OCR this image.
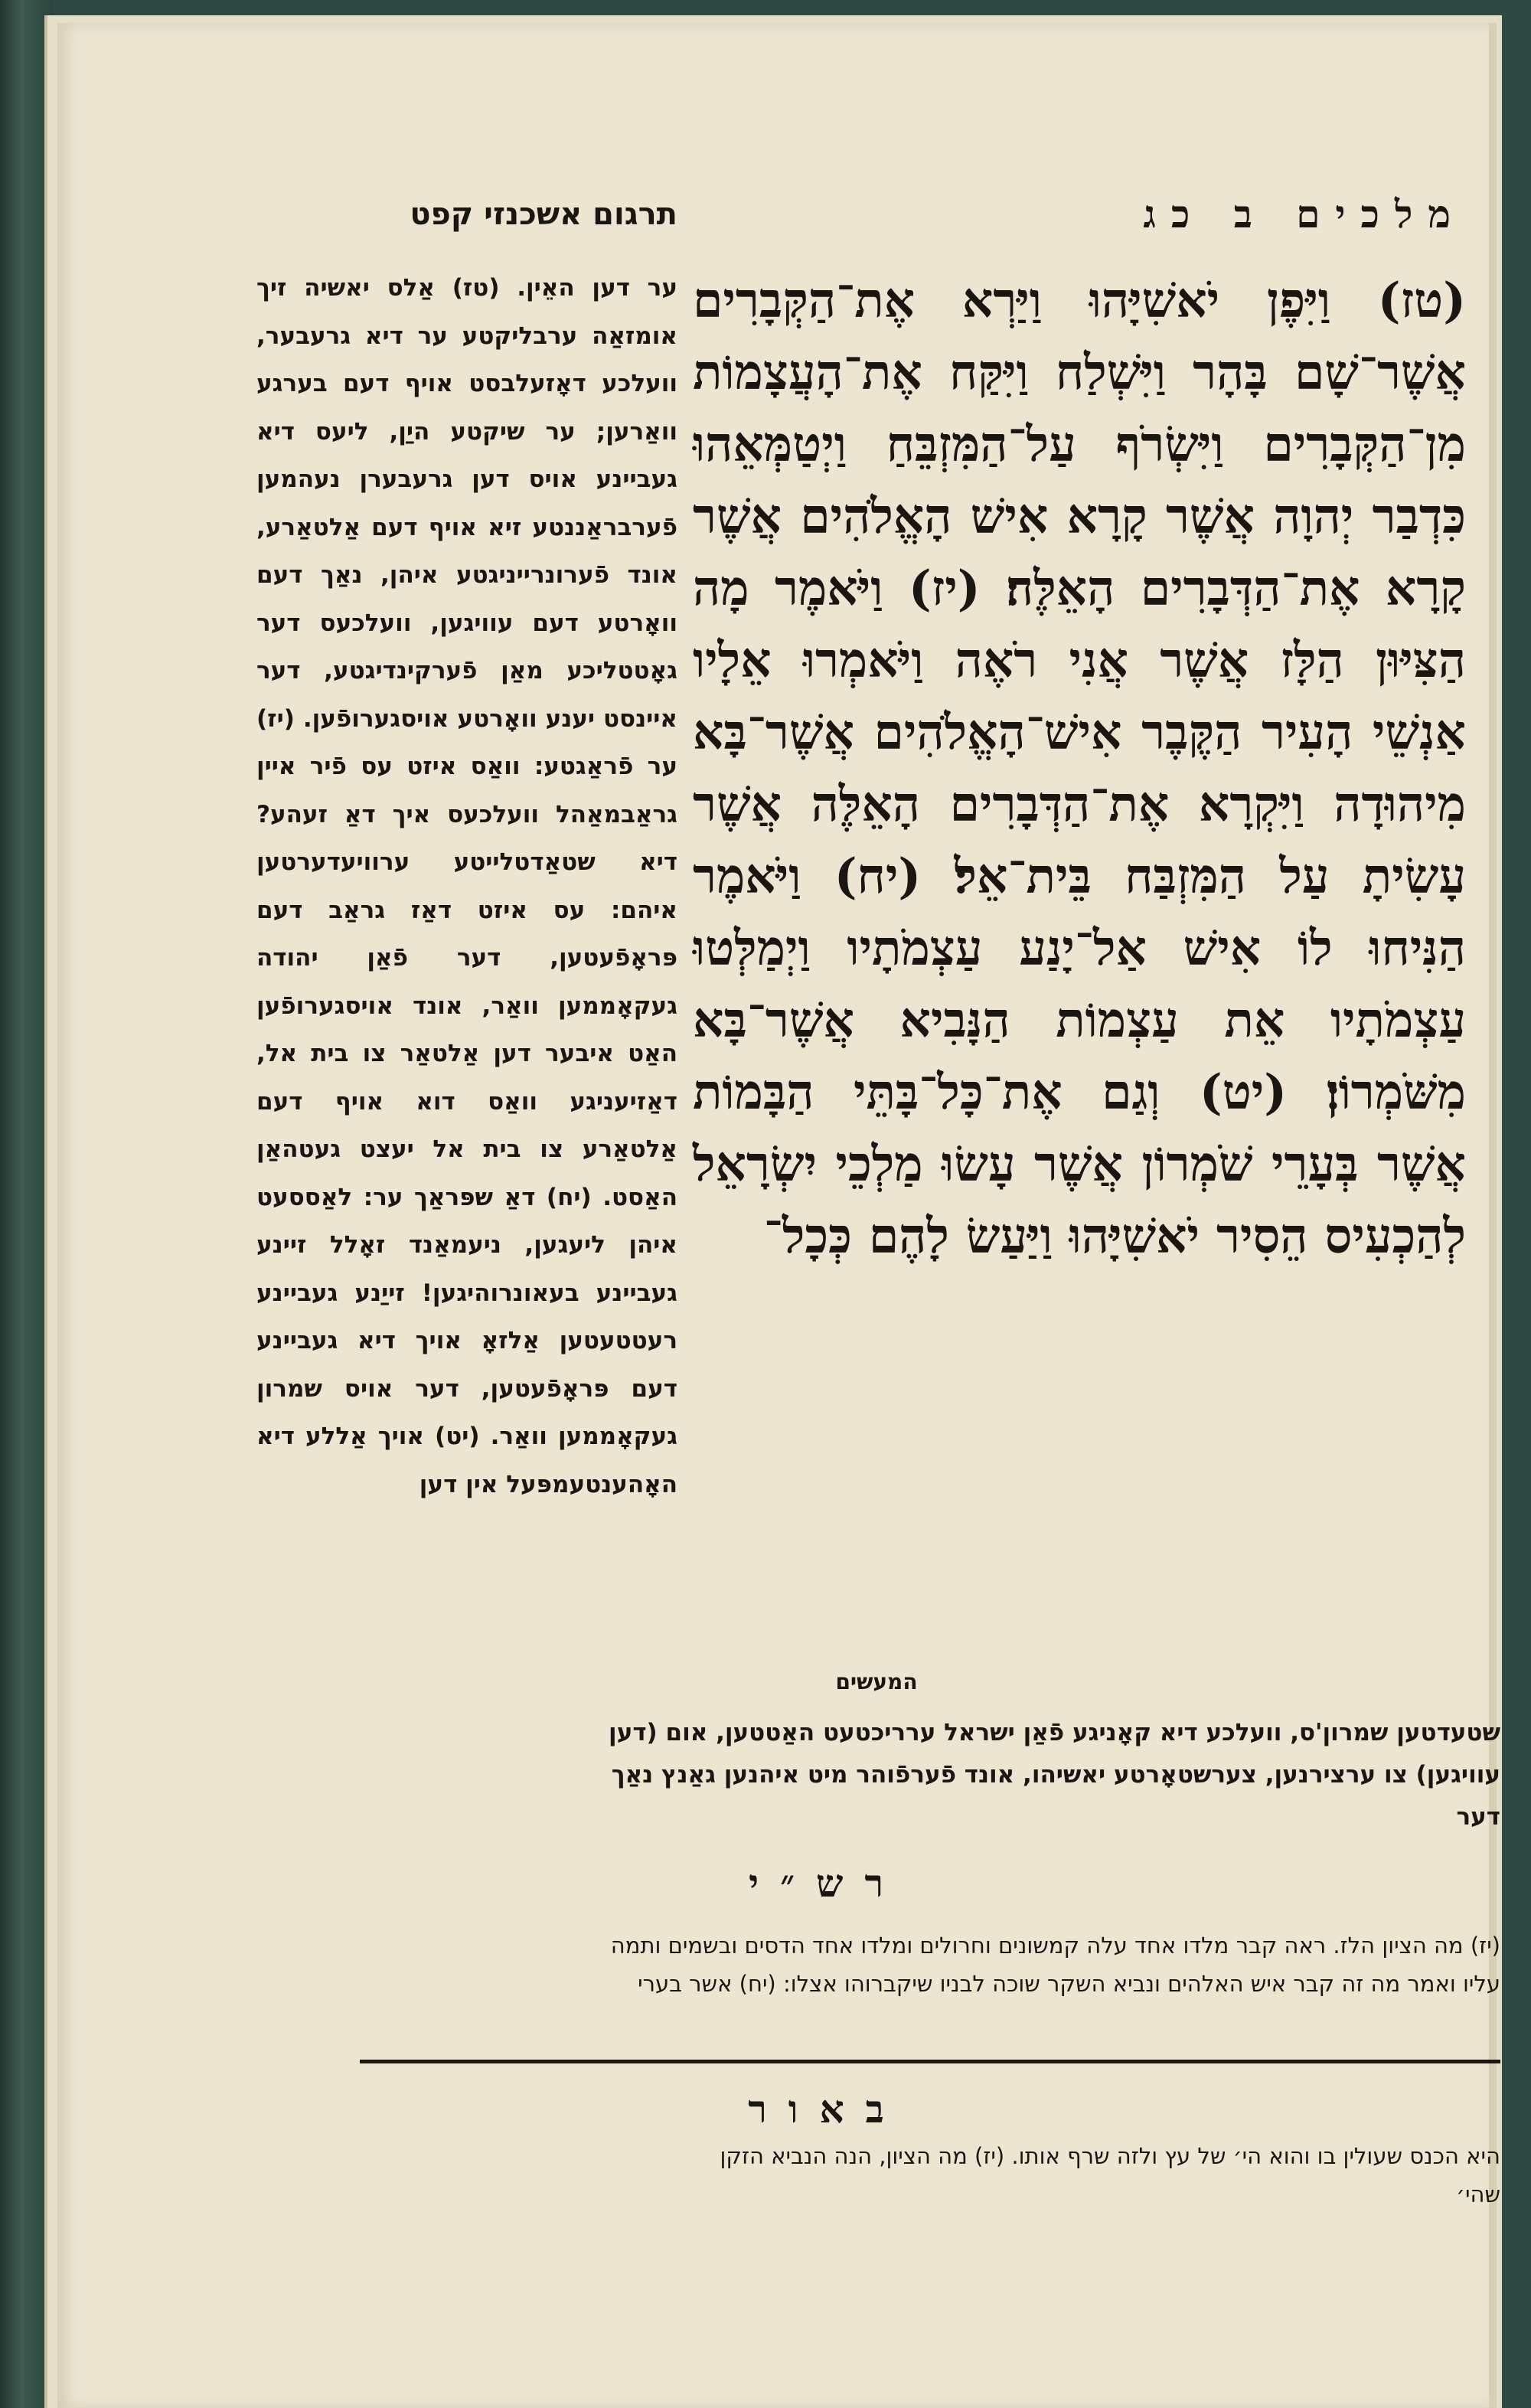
מלכים ב כג
(טז) וַיִּפֶן יֹאשִׁיָּהוּ וַיַּרְא אֶת־הַקְּבָרִים אֲשֶׁר־שָׁם בָּהָר וַיִּשְׁלַח וַיִּקַּח אֶת־הָעֲצָמוֹת מִן־הַקְּבָרִים וַיִּשְׂרֹף עַל־הַמִּזְבֵּחַ וַיְטַמְּאֵהוּ כִּדְבַר יְהוָה אֲשֶׁר קָרָא אִישׁ הָאֱלֹהִים אֲשֶׁר קָרָא אֶת־הַדְּבָרִים הָאֵלֶּה׃ (יז) וַיֹּאמֶר מָה הַצִּיּוּן הַלָּז אֲשֶׁר אֲנִי רֹאֶה וַיֹּאמְרוּ אֵלָיו אַנְשֵׁי הָעִיר הַקֶּבֶר אִישׁ־הָאֱלֹהִים אֲשֶׁר־בָּא מִיהוּדָה וַיִּקְרָא אֶת־הַדְּבָרִים הָאֵלֶּה אֲשֶׁר עָשִׂיתָ עַל הַמִּזְבַּח בֵּית־אֵל׃ (יח) וַיֹּאמֶר הַנִּיחוּ לוֹ אִישׁ אַל־יָנַע עַצְמֹתָיו וַיְמַלְּטוּ עַצְמֹתָיו אֵת עַצְמוֹת הַנָּבִיא אֲשֶׁר־בָּא מִשֹּׁמְרוֹן׃ (יט) וְגַם אֶת־כָּל־בָּתֵּי הַבָּמוֹת אֲשֶׁר בְּעָרֵי שֹׁמְרוֹן אֲשֶׁר עָשׂוּ מַלְכֵי יִשְׂרָאֵל לְהַכְעִיס הֵסִיר יֹאשִׁיָּהוּ וַיַּעַשׂ לָהֶם כְּכָל־
תרגום אשכנזי קפט
ער דען האֵין. (טז) אַלס יאשיה זיך אומזאַה ערבליקטע ער דיא גרעבער, וועלכע דאָזעלבסט אויף דעם בערגע וואַרען; ער שיקטע היַן, ליעס דיא געביינע אויס דען גרעבערן נעהמען פֿערבראַננטע זיא אויף דעם אַלטאַרע, אונד פֿערונרייניגטע איהן, נאַך דעם וואָרטע דעם עוויגען, וועלכעס דער גאָטטליכע מאַן פֿערקינדיגטע, דער איינסט יענע וואָרטע אויסגערופֿען. (יז) ער פֿראַגטע: וואַס איזט עס פֿיר איין גראַבמאַהל וועלכעס איך דאַ זעהע? דיא שטאַדטלייטע ערוויעדערטען איהם: עס איזט דאַז גראַב דעם פּראָפֿעטען, דער פֿאַן יהודה געקאָממען וואַר, אונד אויסגערופֿען האַט איבער דען אַלטאַר צו בית אל, דאַזיעניגע וואַס דוא אויף דעם אַלטאַרע צו בית אל יעצט געטהאַן האַסט. (יח) דאַ שפּראַך ער: לאַססעט איהן ליעגען, ניעמאַנד זאָלל זיינע געביינע בעאונרוהיגען! זייַנע געביינע רעטטעטען אַלזאָ אויך דיא געביינע דעם פּראָפֿעטען, דער אויס שמרון געקאָממען וואַר. (יט) אויך אַללע דיא האָהענטעמפּעל אין דען
המעשים
שטעדטען שמרון'ס, וועלכע דיא קאָניגע פֿאַן ישראל עררי‌כטעט האַטטען, אום (דען
עוויגען) צו ערצירנען, צערשטאָרטע יאשיהו, אונד פֿערפֿוהר מיט איהנען גאַנץ נאַך
דער
רש״י
(יז) מה הציון הלז. ראה קבר מלדו אחד עלה קמשונים וחרולים ומלדו אחד הדסים ובשמים ותמה
עליו ואמר מה זה קבר איש האלהים ונביא השקר שוכה לבניו שיקברוהו אצלו: (יח) אשר בערי
באור
היא הכנס שעולין בו והוא הי׳ של עץ ולזה שרף אותו. (יז) מה הציון, הנה הנביא הזקן
שהי׳
